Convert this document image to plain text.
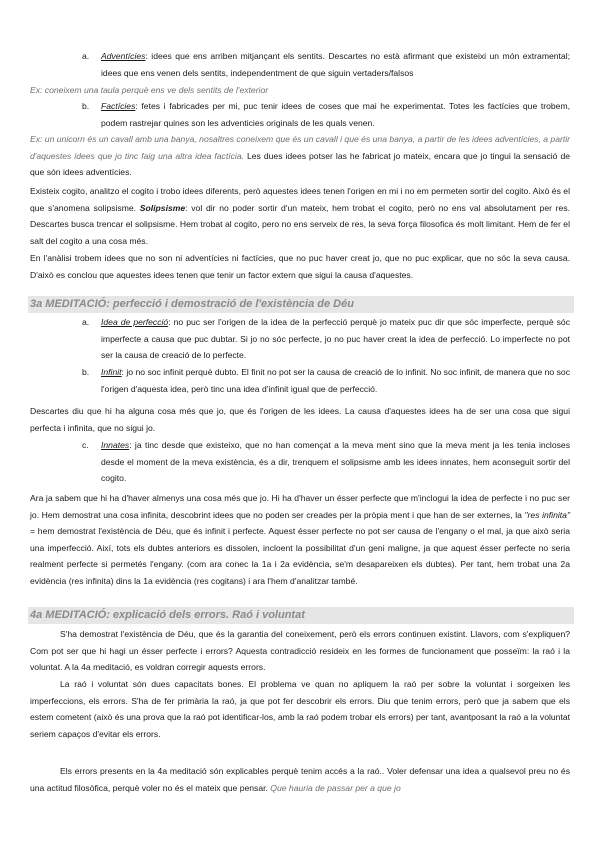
a. Adventícies: idees que ens arriben mitjançant els sentits. Descartes no està afirmant que existeixi un món extramental; idees que ens venen dels sentits, independentment de que siguin vertaders/falsos

Ex: coneixem una taula perquè ens ve dels sentits de l'exterior

b. Factícies: fetes i fabricades per mi, puc tenir idees de coses que mai he experimentat. Totes les factícies que trobem, podem rastrejar quines son les adventicies originals de les quals venen.

Ex: un unicorn és un cavall amb una banya, nosaltres coneixem que és un cavall i que és una banya, a partir de les idees adventícies, a partir d'aquestes idees que jo tinc faig una altra idea factícia. Les dues idees potser las he fabricat jo mateix, encara que jo tingui la sensació de que són idees adventícies.

Existeix cogito, analitzo el cogito i trobo idees diferents, però aquestes idees tenen l'origen en mi i no em permeten sortir del cogito. Això és el que s'anomena solipsisme. Solipsisme: vol dir no poder sortir d'un mateix, hem trobat el cogito, però no ens val absolutament per res. Descartes busca trencar el solipsisme. Hem trobat al cogito, pero no ens serveix de res, la seva força filosofica és molt limitant. Hem de fer el salt del cogito a una cosa més.

En l'anàlisi trobem idees que no son ni adventícies ni factícies, que no puc haver creat jo, que no puc explicar, que no sóc la seva causa. D'això es conclou que aquestes idees tenen que tenir un factor extern que sigui la causa d'aquestes.

3a MEDITACIÓ: perfecció i demostració de l'existència de Déu
a. Idea de perfecció: no puc ser l'origen de la idea de la perfecció perquè jo mateix puc dir que sóc imperfecte, perquè sóc imperfecte a causa que puc dubtar. Si jo no sóc perfecte, jo no puc haver creat la idea de perfecció. Lo imperfecte no pot ser la causa de creació de lo perfecte.

b. Infinit: jo no soc infinit perquè dubto. El finit no pot ser la causa de creació de lo infinit. No soc infinit, de manera que no soc l'origen d'aquesta idea, però tinc una idea d'infinit igual que de perfecció.

Descartes diu que hi ha alguna cosa més que jo, que és l'origen de les idees. La causa d'aquestes idees ha de ser una cosa que sigui perfecta i infinita, que no sigui jo.

c. Innates: ja tinc desde que existeixo, que no han començat a la meva ment sino que la meva ment ja les tenia incloses desde el moment de la meva existència, és a dir, trenquem el solipsisme amb les idees innates, hem aconseguit sortir del cogito.

Ara ja sabem que hi ha d'haver almenys una cosa més que jo. Hi ha d'haver un ésser perfecte que m'inclogui la idea de perfecte i no puc ser jo. Hem demostrat una cosa infinita, descobrint idees que no poden ser creades per la pròpia ment i que han de ser externes, la "res infinita" = hem demostrat l'existència de Déu, que és infinit i perfecte. Aquest ésser perfecte no pot ser causa de l'engany o el mal, ja que això seria una imperfecció. Així, tots els dubtes anteriors es dissolen, incloent la possibilitat d'un geni maligne, ja que aquest ésser perfecte no seria realment perfecte si permetés l'engany. (com ara conec la 1a i 2a evidència, se'm desapareixen els dubtes). Per tant, hem trobat una 2a evidència (res infinita) dins la 1a evidència (res cogitans) i ara l'hem d'analitzar també.

4a MEDITACIÓ: explicació dels errors. Raó i voluntat

S'ha demostrat l'existència de Déu, que és la garantia del coneixement, però els errors continuen existint. Llavors, com s'expliquen? Com pot ser que hi hagi un ésser perfecte i errors? Aquesta contradicció resideix en les formes de funcionament que posseïm: la raó i la voluntat. A la 4a meditació, es voldran corregir aquests errors.

La raó i voluntat són dues capacitats bones. El problema ve quan no apliquem la raó per sobre la voluntat i sorgeixen les imperfeccions, els errors. S'ha de fer primària la raó, ja que pot fer descobrir els errors. Diu que tenim errors, però que ja sabem que els estem cometent (això és una prova que la raó pot identificar-los, amb la raó podem trobar els errors) per tant, avantposant la raó a la voluntat seriem capaços d'evitar els errors.

Els errors presents en la 4a meditació són explicables perquè tenim accés a la raó.. Voler defensar una idea a qualsevol preu no és una actitud filosòfica, perquè voler no és el mateix que pensar. Que hauria de passar per a que jo
